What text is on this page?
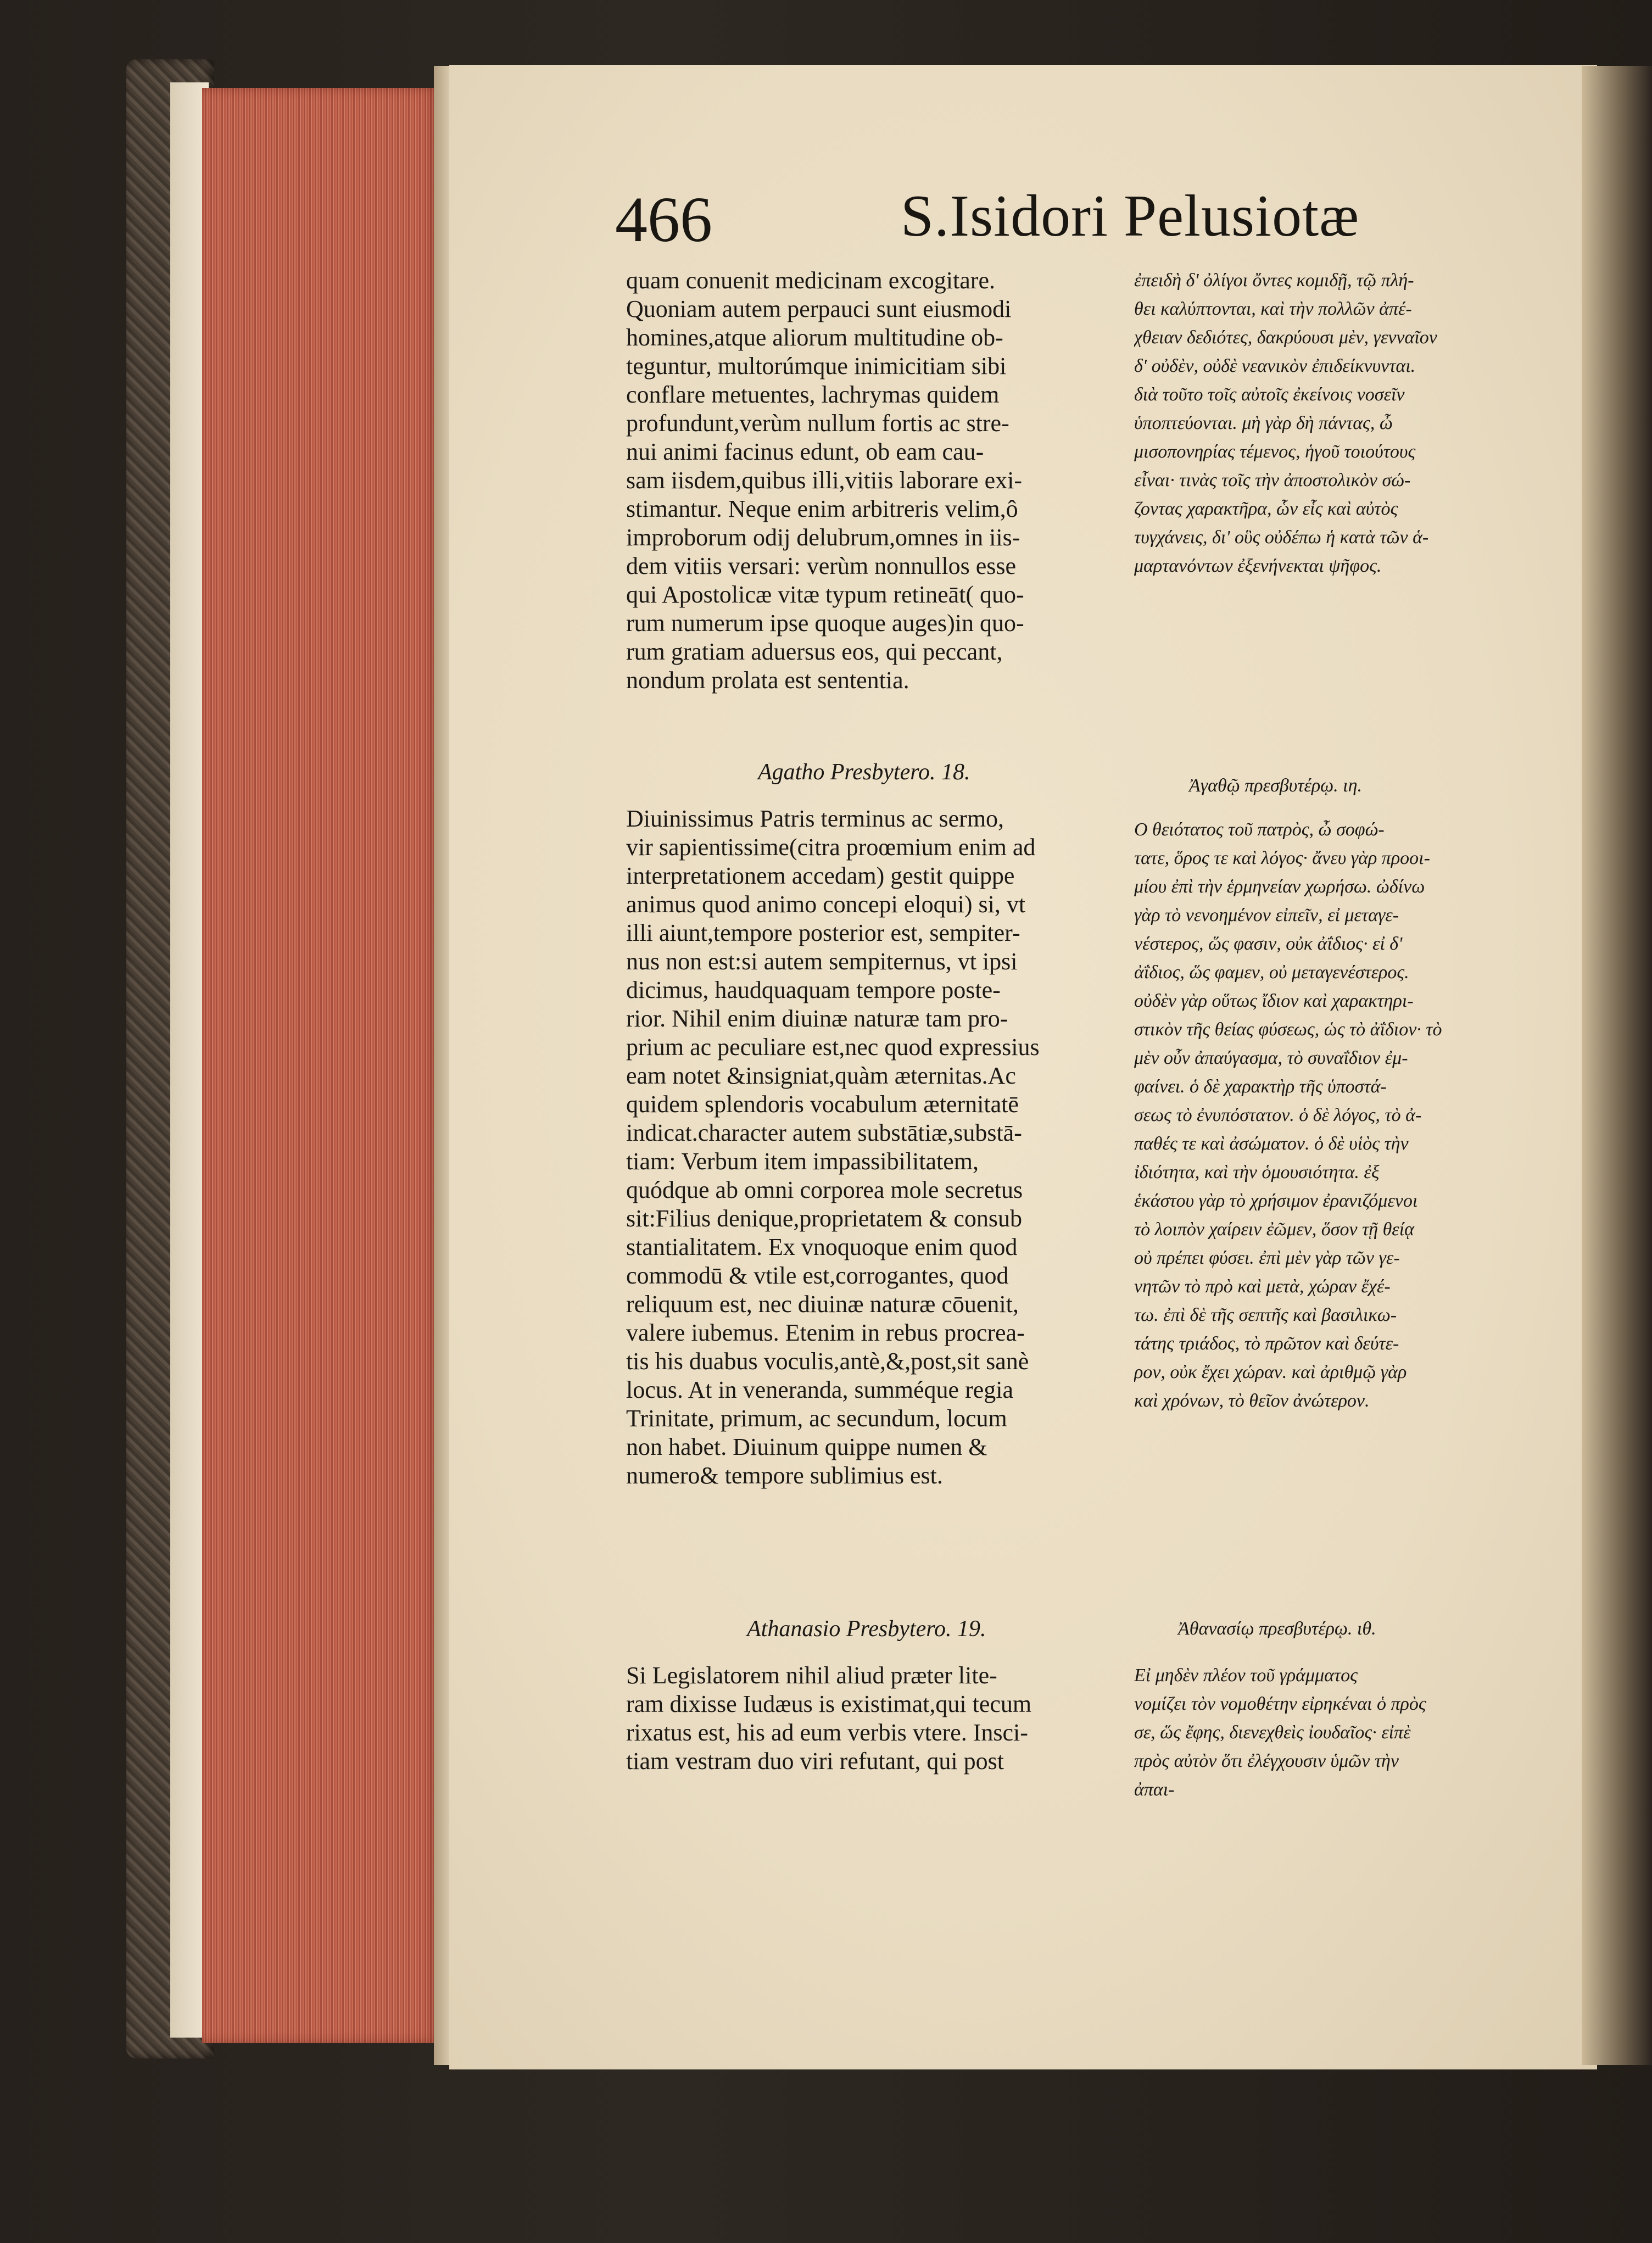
466	S.Isidori Pelusiotæ
quam conuenit medicinam excogitare.
Quoniam autem perpauci sunt eiusmodi
homines,atque aliorum multitudine ob-
teguntur, multorúmque inimicitiam sibi
conflare metuentes, lachrymas quidem
profundunt,verùm nullum fortis ac stre-
nui animi facinus edunt, ob eam cau-
sam iisdem,quibus illi,vitiis laborare exi-
stimantur. Neque enim arbitreris velim,ô
improborum odij delubrum,omnes in iis-
dem vitiis versari: verùm nonnullos esse
qui Apostolicæ vitæ typum retineāt( quo-
rum numerum ipse quoque auges)in quo-
rum gratiam aduersus eos, qui peccant,
nondum prolata est sententia.
Agatho Presbytero. 18.
Diuinissimus Patris terminus ac sermo,
vir sapientissime(citra proœmium enim ad
interpretationem accedam) gestit quippe
animus quod animo concepi eloqui) si, vt
illi aiunt,tempore posterior est, sempiter-
nus non est:si autem sempiternus, vt ipsi
dicimus, haudquaquam tempore poste-
rior. Nihil enim diuinæ naturæ tam pro-
prium ac peculiare est,nec quod expressius
eam notet &insigniat,quàm æternitas.Ac
quidem splendoris vocabulum æternitatē
indicat.character autem substātiæ,substā-
tiam: Verbum item impassibilitatem,
quódque ab omni corporea mole secretus
sit:Filius denique,proprietatem & consub
stantialitatem. Ex vnoquoque enim quod
commodū & vtile est,corrogantes, quod
reliquum est, nec diuinæ naturæ cōuenit,
valere iubemus. Etenim in rebus procrea-
tis his duabus voculis,antè,&,post,sit sanè
locus. At in veneranda, summéque regia
Trinitate, primum, ac secundum, locum
non habet. Diuinum quippe numen &
numero& tempore sublimius est.
Athanasio Presbytero. 19.
Si Legislatorem nihil aliud præter lite-
ram dixisse Iudæus is existimat,qui tecum
rixatus est, his ad eum verbis vtere. Insci-
tiam vestram duo viri refutant, qui post
ἐπειδὴ δ' ὀλίγοι ὄντες κομιδῇ, τῷ πλή-
θει καλύπτονται, καὶ τὴν πολλῶν ἀπέ-
χθειαν δεδιότες, δακρύουσι μὲν, γενναῖον
δ' οὐδὲν, οὐδὲ νεανικὸν ἐπιδείκνυνται.
διὰ τοῦτο τοῖς αὐτοῖς ἐκείνοις νοσεῖν
ὑποπτεύονται. μὴ γὰρ δὴ πάντας, ὦ
μισοπονηρίας τέμενος, ἡγοῦ τοιούτους
εἶναι· τινὰς τοῖς τὴν ἀποστολικὸν σώ-
ζοντας χαρακτῆρα, ὧν εἷς καὶ αὐτὸς
τυγχάνεις, δι' οὓς οὐδέπω ἡ κατὰ τῶν ἁ-
μαρτανόντων ἐξενήνεκται ψῆφος.
Ἀγαθῷ πρεσβυτέρῳ. ιη.
Ο θειότατος τοῦ πατρὸς, ὦ σοφώ-
τατε, ὅρος τε καὶ λόγος· ἄνευ γὰρ προοι-
μίου ἐπὶ τὴν ἑρμηνείαν χωρήσω. ὠδίνω
γὰρ τὸ νενοημένον εἰπεῖν, εἰ μεταγε-
νέστερος, ὥς φασιν, οὐκ ἀΐδιος· εἰ δ'
ἀΐδιος, ὥς φαμεν, οὐ μεταγενέστερος.
οὐδὲν γὰρ οὕτως ἴδιον καὶ χαρακτηρι-
στικὸν τῆς θείας φύσεως, ὡς τὸ ἀΐδιον· τὸ
μὲν οὖν ἀπαύγασμα, τὸ συναΐδιον ἐμ-
φαίνει. ὁ δὲ χαρακτὴρ τῆς ὑποστά-
σεως τὸ ἐνυπόστατον. ὁ δὲ λόγος, τὸ ἀ-
παθές τε καὶ ἀσώματον. ὁ δὲ υἱὸς τὴν
ἰδιότητα, καὶ τὴν ὁμουσιότητα. ἐξ
ἑκάστου γὰρ τὸ χρήσιμον ἐρανιζόμενοι
τὸ λοιπὸν χαίρειν ἐῶμεν, ὅσον τῇ θείᾳ
οὐ πρέπει φύσει. ἐπὶ μὲν γὰρ τῶν γε-
νητῶν τὸ πρὸ καὶ μετὰ, χώραν ἔχέ-
τω. ἐπὶ δὲ τῆς σεπτῆς καὶ βασιλικω-
τάτης τριάδος, τὸ πρῶτον καὶ δεύτε-
ρον, οὐκ ἔχει χώραν. καὶ ἀριθμῷ γὰρ
καὶ χρόνων, τὸ θεῖον ἀνώτερον.
Ἀθανασίῳ πρεσβυτέρῳ. ιθ.
Εἰ μηδὲν πλέον τοῦ γράμματος
νομίζει τὸν νομοθέτην εἰρηκέναι ὁ πρὸς
σε, ὥς ἔφης, διενεχθεὶς ἰουδαῖος· εἰπὲ
πρὸς αὐτὸν ὅτι ἐλέγχουσιν ὑμῶν τὴν
ἀπαι-
